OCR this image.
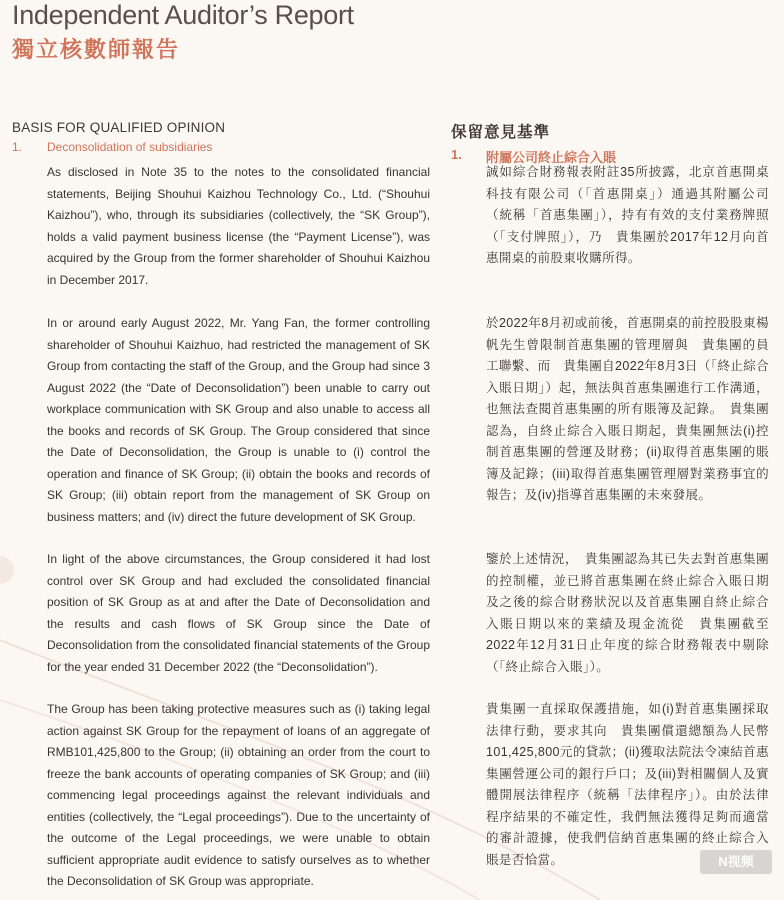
Independent Auditor’s Report
獨立核數師報告
BASIS FOR QUALIFIED OPINION
1. Deconsolidation of subsidiaries
As disclosed in Note 35 to the notes to the consolidated financial statements, Beijing Shouhui Kaizhou Technology Co., Ltd. (“Shouhui Kaizhou”), who, through its subsidiaries (collectively, the “SK Group”), holds a valid payment business license (the “Payment License”), was acquired by the Group from the former shareholder of Shouhui Kaizhou in December 2017.
In or around early August 2022, Mr. Yang Fan, the former controlling shareholder of Shouhui Kaizhuo, had restricted the management of SK Group from contacting the staff of the Group, and the Group had since 3 August 2022 (the “Date of Deconsolidation”) been unable to carry out workplace communication with SK Group and also unable to access all the books and records of SK Group. The Group considered that since the Date of Deconsolidation, the Group is unable to (i) control the operation and finance of SK Group; (ii) obtain the books and records of SK Group; (iii) obtain report from the management of SK Group on business matters; and (iv) direct the future development of SK Group.
In light of the above circumstances, the Group considered it had lost control over SK Group and had excluded the consolidated financial position of SK Group as at and after the Date of Deconsolidation and the results and cash flows of SK Group since the Date of Deconsolidation from the consolidated financial statements of the Group for the year ended 31 December 2022 (the “Deconsolidation”).
The Group has been taking protective measures such as (i) taking legal action against SK Group for the repayment of loans of an aggregate of RMB101,425,800 to the Group; (ii) obtaining an order from the court to freeze the bank accounts of operating companies of SK Group; and (iii) commencing legal proceedings against the relevant individuals and entities (collectively, the “Legal proceedings”). Due to the uncertainty of the outcome of the Legal proceedings, we were unable to obtain sufficient appropriate audit evidence to satisfy ourselves as to whether the Deconsolidation of SK Group was appropriate.
保留意見基準
1. 附屬公司終止綜合入賬
誠如綜合財務報表附註35所披露，北京首惠開桌科技有限公司（「首惠開桌」）通過其附屬公司（統稱「首惠集團」），持有有效的支付業務牌照（「支付牌照」），乃　貴集團於2017年12月向首惠開桌的前股東收購所得。
於2022年8月初或前後，首惠開桌的前控股股東楊帆先生曾限制首惠集團的管理層與　貴集團的員工聯繫、而　貴集團自2022年8月3日（「終止綜合入賬日期」）起，無法與首惠集團進行工作溝通，也無法查閱首惠集團的所有賬簿及記錄。　貴集團認為，自終止綜合入賬日期起，貴集團無法(i)控制首惠集團的營運及財務；(ii)取得首惠集團的賬簿及記錄；(iii)取得首惠集團管理層對業務事宜的報告；及(iv)指導首惠集團的未來發展。
鑒於上述情況，　貴集團認為其已失去對首惠集團的控制權，並已將首惠集團在終止綜合入賬日期及之後的綜合財務狀況以及首惠集團自終止綜合入賬日期以來的業績及現金流從　貴集團截至2022年12月31日止年度的綜合財務報表中剔除（「終止綜合入賬」）。
貴集團一直採取保護措施，如(i)對首惠集團採取法律行動，要求其向　貴集團償還總額為人民幣101,425,800元的貸款；(ii)獲取法院法令凍結首惠集團營運公司的銀行戶口；及(iii)對相關個人及實體開展法律程序（統稱「法律程序」）。由於法律程序結果的不確定性，我們無法獲得足夠而適當的審計證據，使我們信納首惠集團的終止綜合入賬是否恰當。	N视频
